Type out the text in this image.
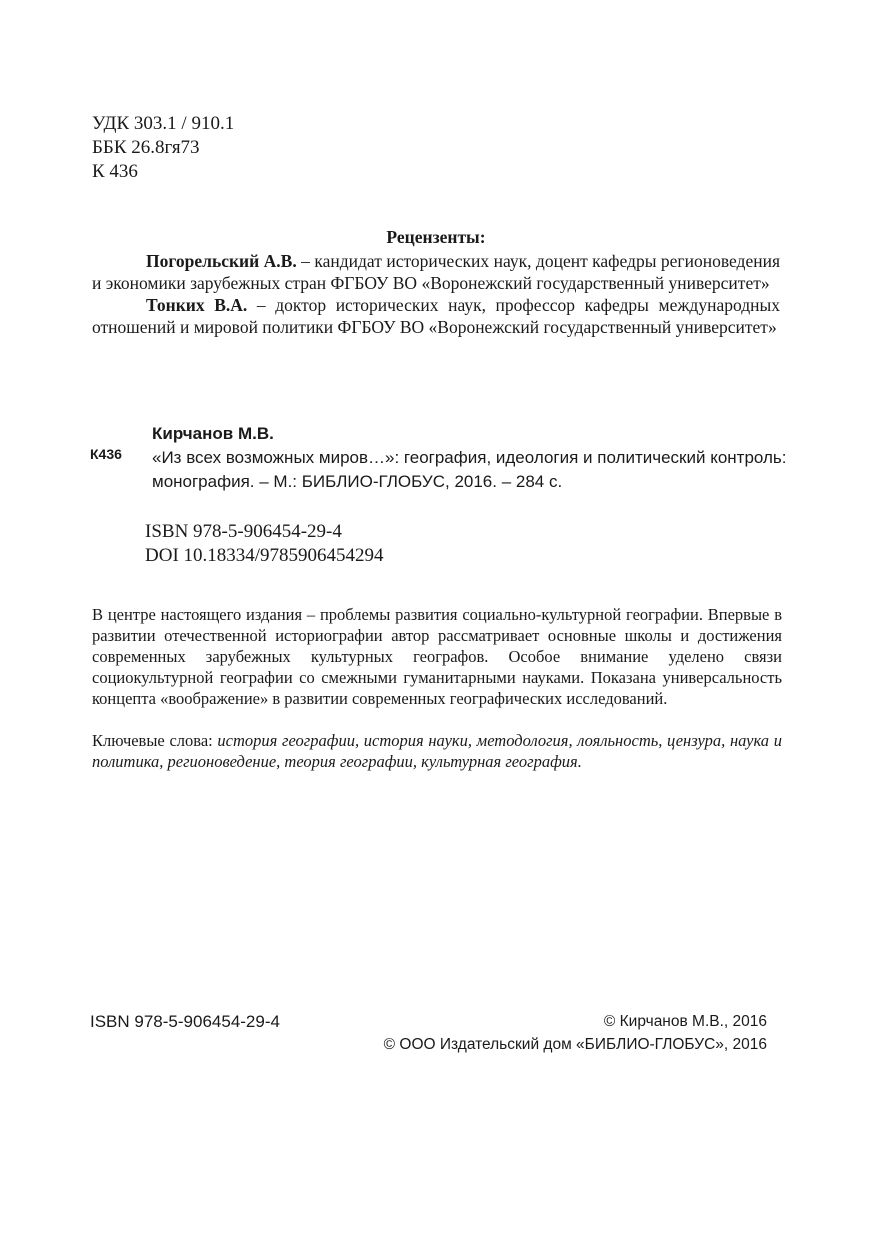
УДК 303.1 / 910.1
ББК 26.8гя73
К 436
Рецензенты:

Погорельский А.В. – кандидат исторических наук, доцент кафедры регионоведения и экономики зарубежных стран ФГБОУ ВО «Воронежский государственный университет»

Тонких В.А. – доктор исторических наук, профессор кафедры международных отношений и мировой политики ФГБОУ ВО «Воронежский государственный университет»

К436
Кирчанов М.В.
«Из всех возможных миров…»: география, идеология и политический контроль: монография. – М.: БИБЛИО-ГЛОБУС, 2016. – 284 с.
ISBN 978-5-906454-29-4
DOI 10.18334/9785906454294

В центре настоящего издания – проблемы развития социально-культурной географии. Впервые в развитии отечественной историографии автор рассматривает основные школы и достижения современных зарубежных культурных географов. Особое внимание уделено связи социокультурной географии со смежными гуманитарными науками. Показана универсальность концепта «воображение» в развитии современных географических исследований.

Ключевые слова: история географии, история науки, методология, лояльность, цензура, наука и политика, регионоведение, теория географии, культурная география.

ISBN 978-5-906454-29-4	© Кирчанов М.В., 2016
© ООО Издательский дом «БИБЛИО-ГЛОБУС», 2016
